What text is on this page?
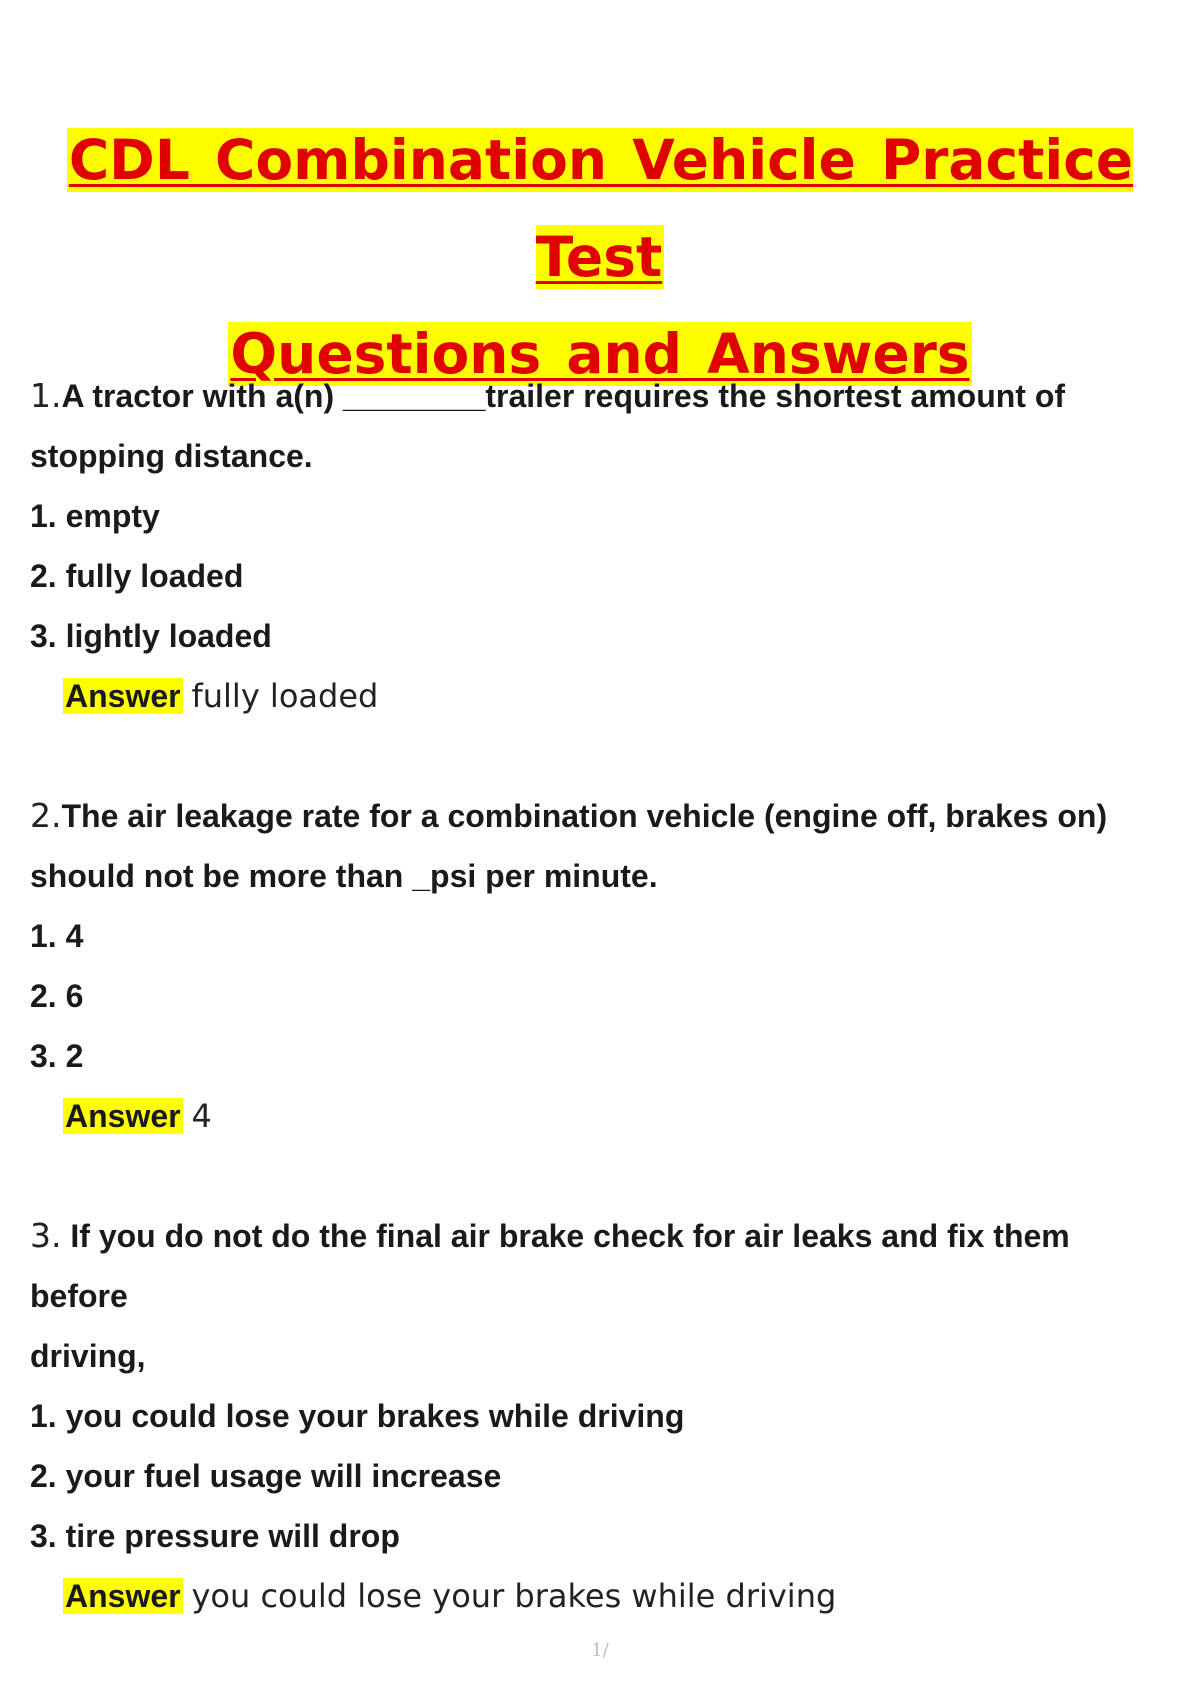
CDL Combination Vehicle Practice Test
Questions and Answers

1.A tractor with a(n) ________trailer requires the shortest amount of

stopping distance.

1. empty

2. fully loaded

3. lightly loaded

Answer fully loaded

2.The air leakage rate for a combination vehicle (engine off, brakes on)

should not be more than _psi per minute.

1. 4

2. 6

3. 2

Answer 4

3. If you do not do the final air brake check for air leaks and fix them before

driving,

1. you could lose your brakes while driving

2. your fuel usage will increase

3. tire pressure will drop

Answer you could lose your brakes while driving

1/
